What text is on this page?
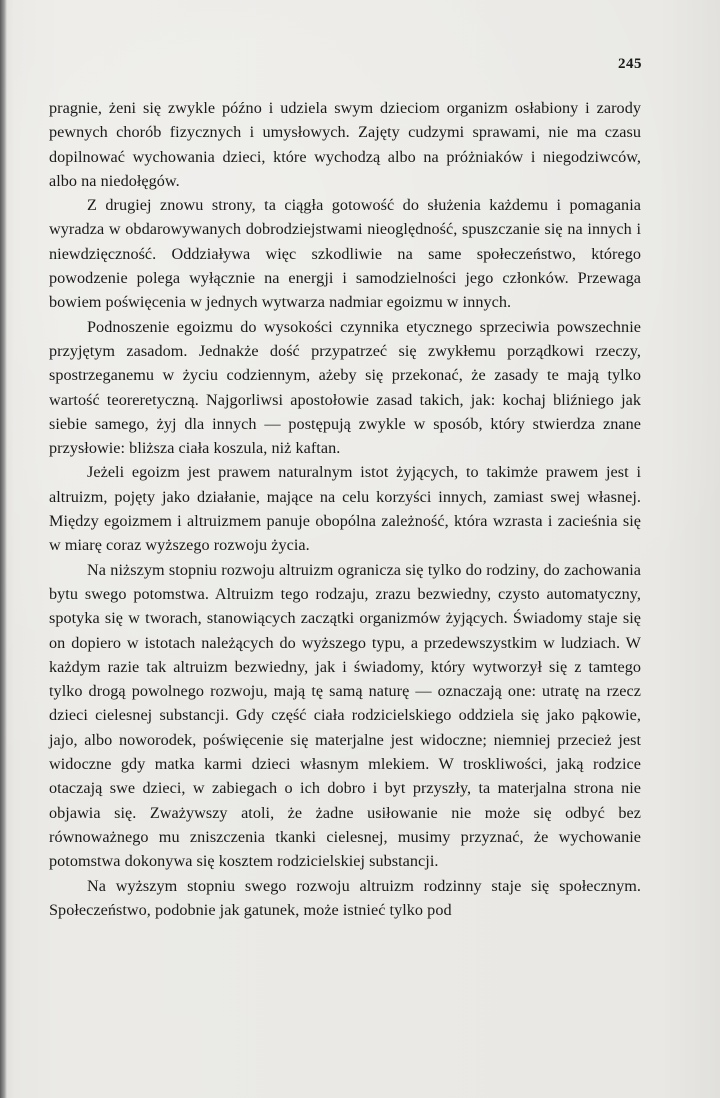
245

pragnie, żeni się zwykle późno i udziela swym dzieciom organizm osłabiony i zarody pewnych chorób fizycznych i umysłowych. Zajęty cudzymi sprawami, nie ma czasu dopilnować wychowania dzieci, które wychodzą albo na próżniaków i niegodziwców, albo na niedołęgów.

Z drugiej znowu strony, ta ciągła gotowość do służenia każdemu i pomagania wyradza w obdarowywanych dobrodziejstwami nieoględność, spuszczanie się na innych i niewdzięczność. Oddziaływa więc szkodliwie na same społeczeństwo, którego powodzenie polega wyłącznie na energji i samodzielności jego członków. Przewaga bowiem poświęcenia w jednych wytwarza nadmiar egoizmu w innych.

Podnoszenie egoizmu do wysokości czynnika etycznego sprzeciwia powszechnie przyjętym zasadom. Jednakże dość przypatrzeć się zwykłemu porządkowi rzeczy, spostrzeganemu w życiu codziennym, ażeby się przekonać, że zasady te mają tylko wartość teoreretyczną. Najgorliwsi apostołowie zasad takich, jak: kochaj bliźniego jak siebie samego, żyj dla innych — postępują zwykle w sposób, który stwierdza znane przysłowie: bliższa ciała koszula, niż kaftan.

Jeżeli egoizm jest prawem naturalnym istot żyjących, to takimże prawem jest i altruizm, pojęty jako działanie, mające na celu korzyści innych, zamiast swej własnej. Między egoizmem i altruizmem panuje obopólna zależność, która wzrasta i zacieśnia się w miarę coraz wyższego rozwoju życia.

Na niższym stopniu rozwoju altruizm ogranicza się tylko do rodziny, do zachowania bytu swego potomstwa. Altruizm tego rodzaju, zrazu bezwiedny, czysto automatyczny, spotyka się w tworach, stanowiących zaczątki organizmów żyjących. Świadomy staje się on dopiero w istotach należących do wyższego typu, a przedewszystkim w ludziach. W każdym razie tak altruizm bezwiedny, jak i świadomy, który wytworzył się z tamtego tylko drogą powolnego rozwoju, mają tę samą naturę — oznaczają one: utratę na rzecz dzieci cielesnej substancji. Gdy część ciała rodzicielskiego oddziela się jako pąkowie, jajo, albo noworodek, poświęcenie się materjalne jest widoczne; niemniej przecież jest widoczne gdy matka karmi dzieci własnym mlekiem. W troskliwości, jaką rodzice otaczają swe dzieci, w zabiegach o ich dobro i byt przyszły, ta materjalna strona nie objawia się. Zważywszy atoli, że żadne usiłowanie nie może się odbyć bez równoważnego mu zniszczenia tkanki cielesnej, musimy przyznać, że wychowanie potomstwa dokonywa się kosztem rodzicielskiej substancji.

Na wyższym stopniu swego rozwoju altruizm rodzinny staje się społecznym. Społeczeństwo, podobnie jak gatunek, może istnieć tylko pod
